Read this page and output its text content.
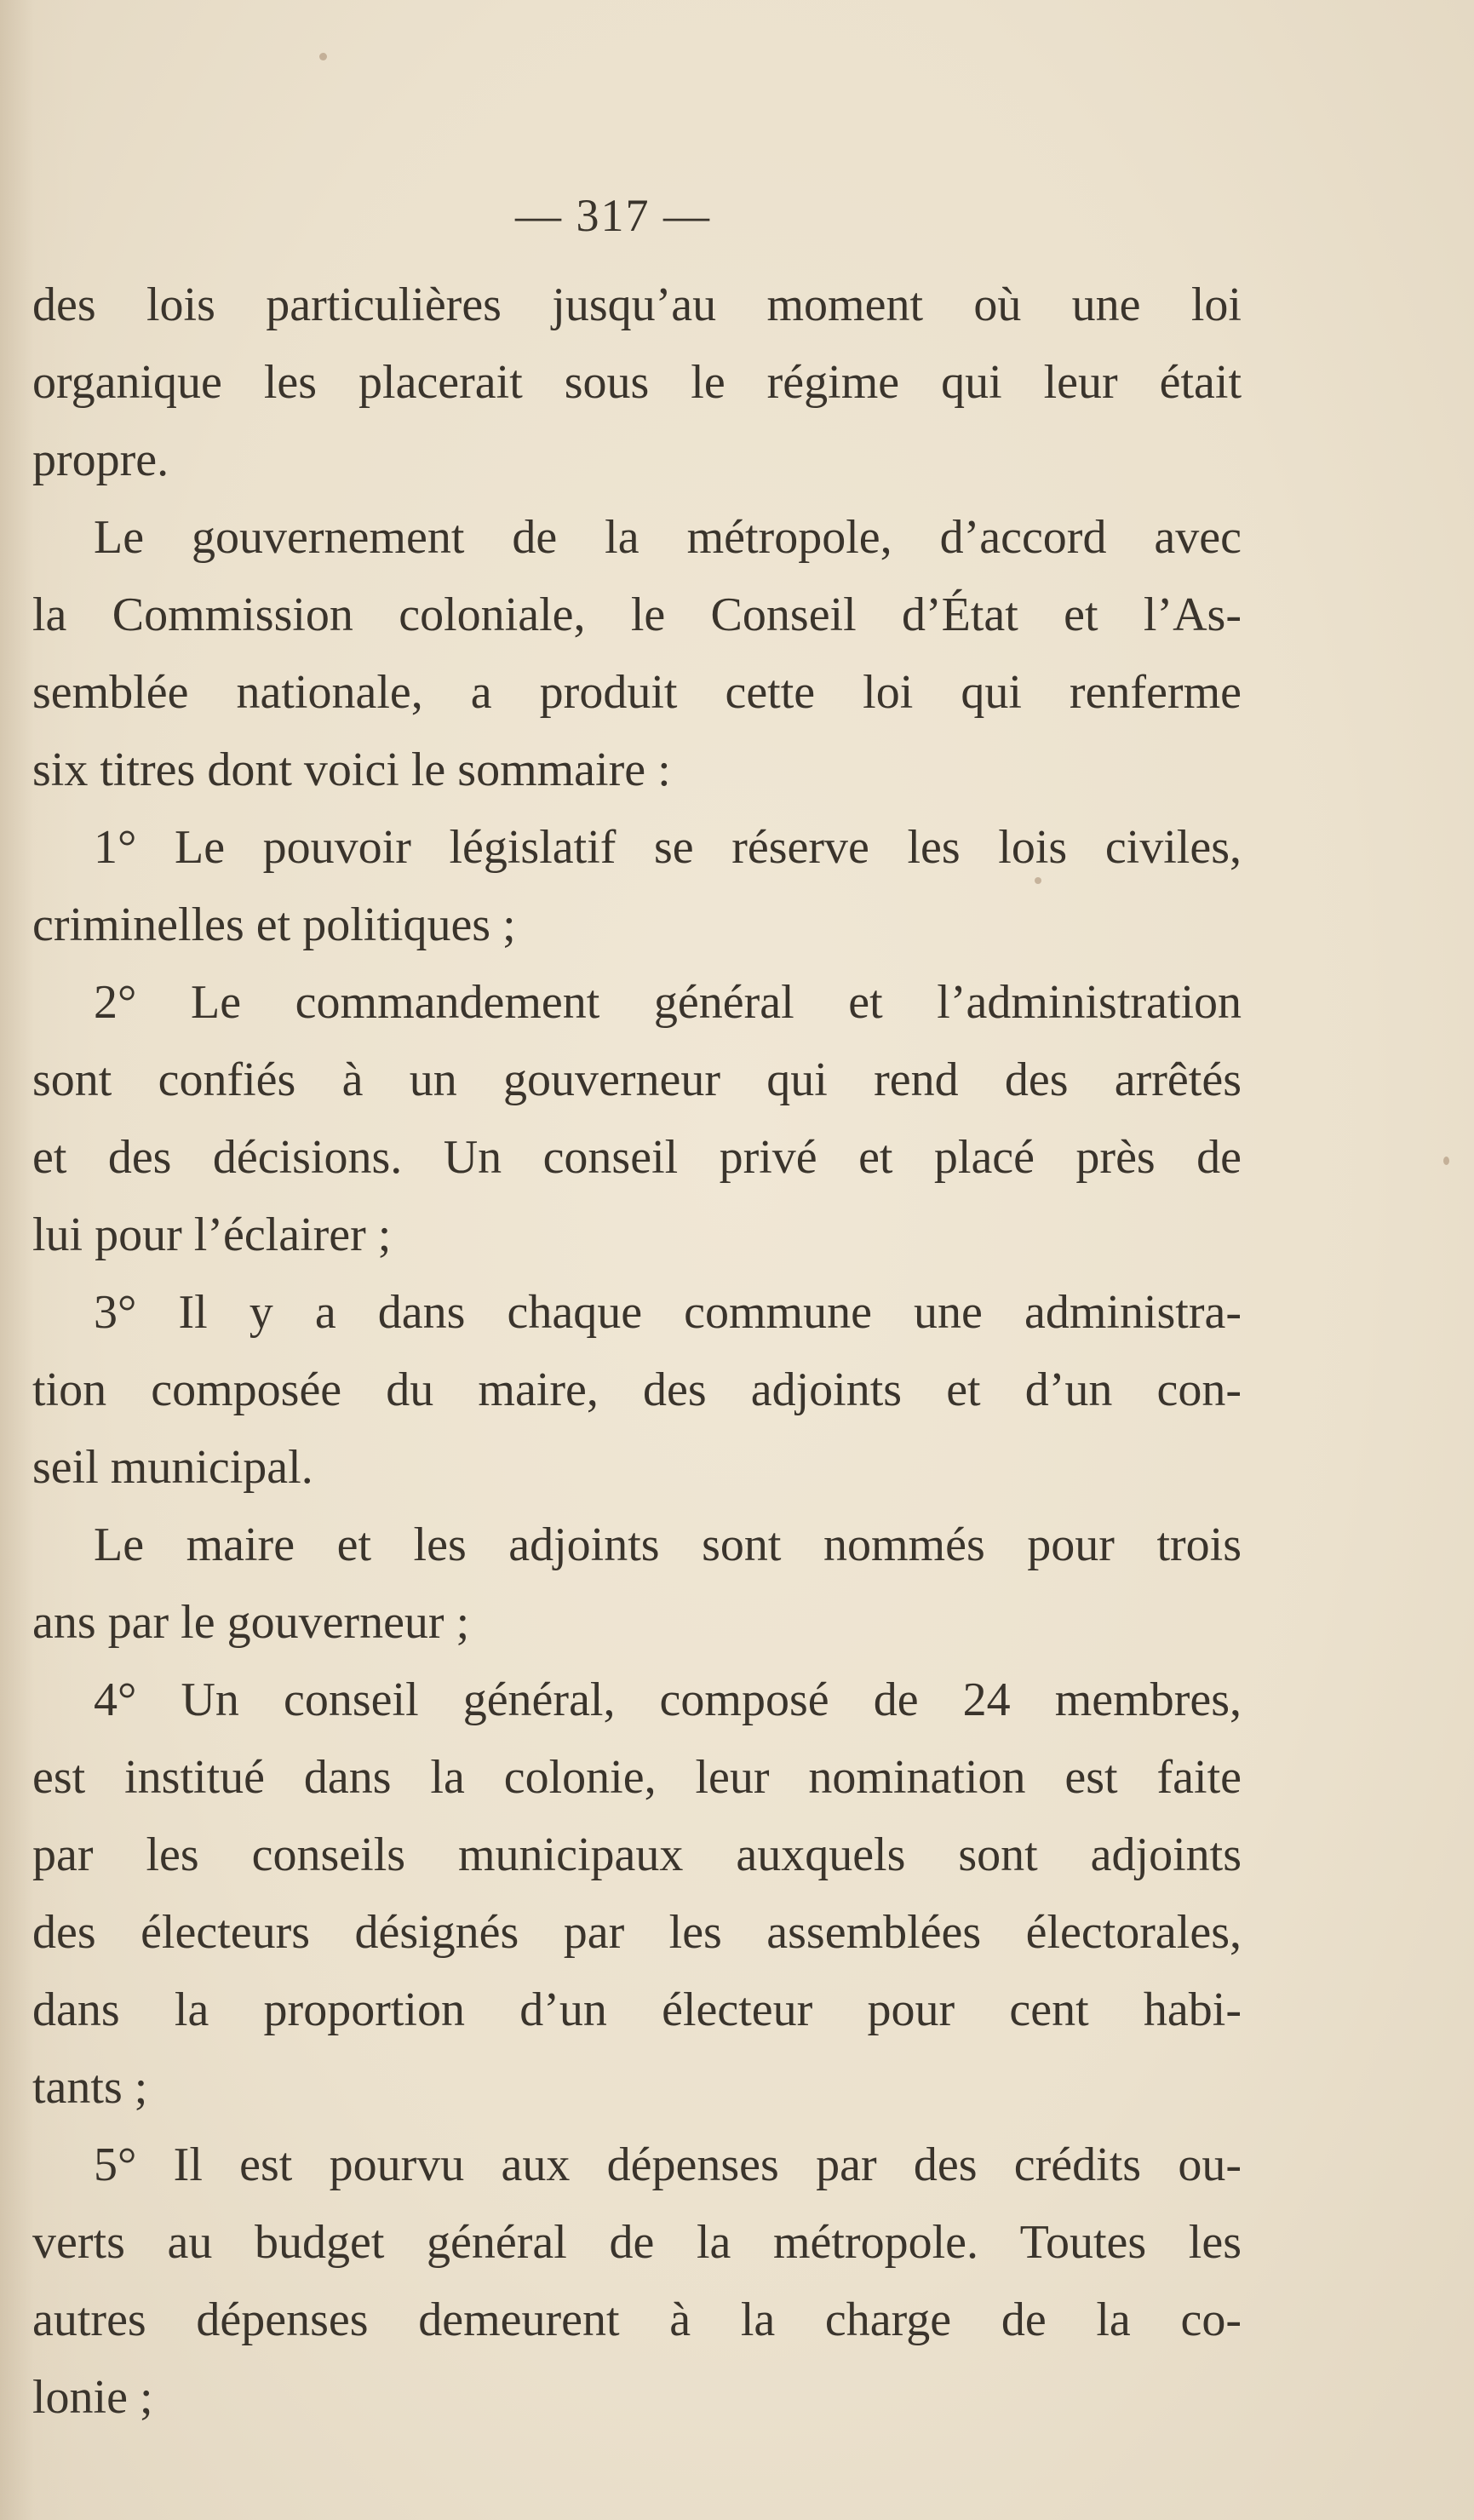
— 317 —
des lois particulières jusqu’au moment où une loi
organique les placerait sous le régime qui leur était
propre.
Le gouvernement de la métropole, d’accord avec
la Commission coloniale, le Conseil d’État et l’As-
semblée nationale, a produit cette loi qui renferme
six titres dont voici le sommaire :
1° Le pouvoir législatif se réserve les lois civiles,
criminelles et politiques ;
2° Le commandement général et l’administration
sont confiés à un gouverneur qui rend des arrêtés
et des décisions. Un conseil privé et placé près de
lui pour l’éclairer ;
3° Il y a dans chaque commune une administra-
tion composée du maire, des adjoints et d’un con-
seil municipal.
Le maire et les adjoints sont nommés pour trois
ans par le gouverneur ;
4° Un conseil général, composé de 24 membres,
est institué dans la colonie, leur nomination est faite
par les conseils municipaux auxquels sont adjoints
des électeurs désignés par les assemblées électorales,
dans la proportion d’un électeur pour cent habi-
tants ;
5° Il est pourvu aux dépenses par des crédits ou-
verts au budget général de la métropole. Toutes les
autres dépenses demeurent à la charge de la co-
lonie ;
